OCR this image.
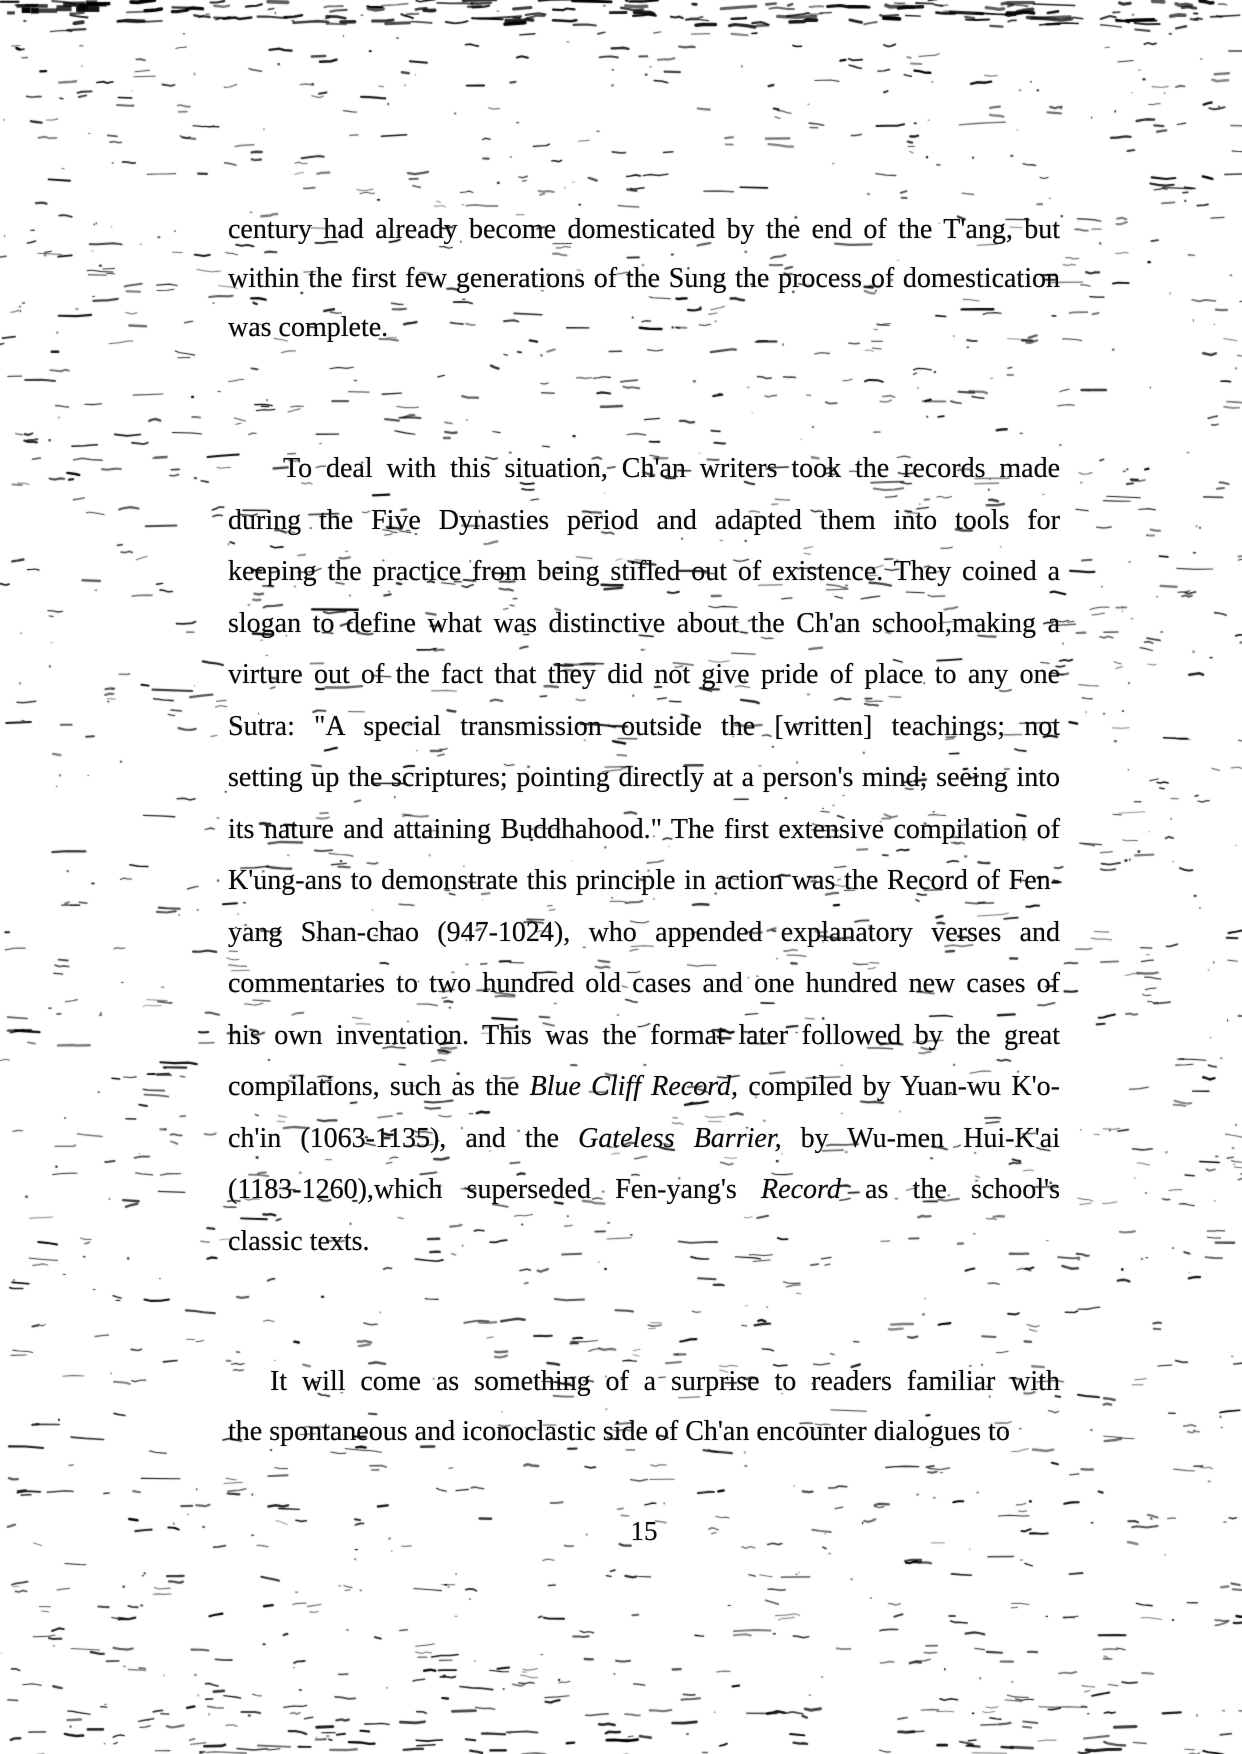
century had already become domesticated by the end of the T'ang, but
within the first few generations of the Sung the process of domestication
was complete.
To deal with this situation, Ch'an writers took the records made
during the Five Dynasties period and adapted them into tools for
keeping the practice from being stifled out of existence. They coined a
slogan to define what was distinctive about the Ch'an school,making a
virture out of the fact that they did not give pride of place to any one
Sutra: "A special transmission outside the [written] teachings; not
setting up the scriptures; pointing directly at a person's mind; seeing into
its nature and attaining Buddhahood." The first extensive compilation of
K'ung-ans to demonstrate this principle in action was the Record of Fen-
yang Shan-chao (947-1024), who appended explanatory verses and
commentaries to two hundred old cases and one hundred new cases of
his own inventation. This was the format later followed by the great
compilations, such as the Blue Cliff Record, compiled by Yuan-wu K'o-
ch'in (1063-1135), and the Gateless Barrier, by Wu-men Hui-K'ai
(1183-1260),which superseded Fen-yang's Record as the school's
classic texts.
It will come as something of a surprise to readers familiar with
the spontaneous and iconoclastic side of Ch'an encounter dialogues to
15
